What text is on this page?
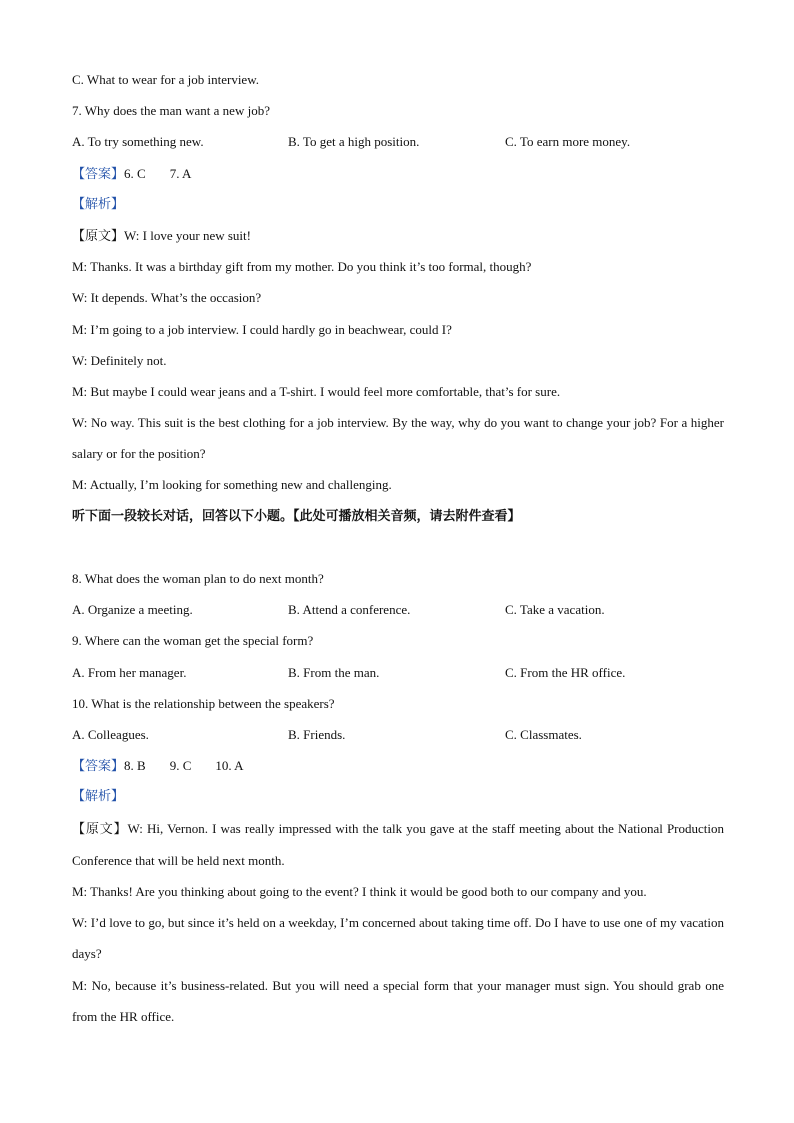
C. What to wear for a job interview.
7. Why does the man want a new job?
A. To try something new.	B. To get a high position.	C. To earn more money.
【答案】6. C 7. A
【解析】
【原文】W: I love your new suit!
M: Thanks. It was a birthday gift from my mother. Do you think it’s too formal, though?
W: It depends. What’s the occasion?
M: I’m going to a job interview. I could hardly go in beachwear, could I?
W: Definitely not.
M: But maybe I could wear jeans and a T-shirt. I would feel more comfortable, that’s for sure.
W: No way. This suit is the best clothing for a job interview. By the way, why do you want to change your job? For a higher salary or for the position?
M: Actually, I’m looking for something new and challenging.
听下面一段较长对话，回答以下小题。【此处可播放相关音频，请去附件查看】
8. What does the woman plan to do next month?
A. Organize a meeting.	B. Attend a conference.	C. Take a vacation.
9. Where can the woman get the special form?
A. From her manager.	B. From the man.	C. From the HR office.
10. What is the relationship between the speakers?
A. Colleagues.	B. Friends.	C. Classmates.
【答案】8. B 9. C 10. A
【解析】
【原文】W: Hi, Vernon. I was really impressed with the talk you gave at the staff meeting about the National Production Conference that will be held next month.
M: Thanks! Are you thinking about going to the event? I think it would be good both to our company and you.
W: I’d love to go, but since it’s held on a weekday, I’m concerned about taking time off. Do I have to use one of my vacation days?
M: No, because it’s business-related. But you will need a special form that your manager must sign. You should grab one from the HR office.
